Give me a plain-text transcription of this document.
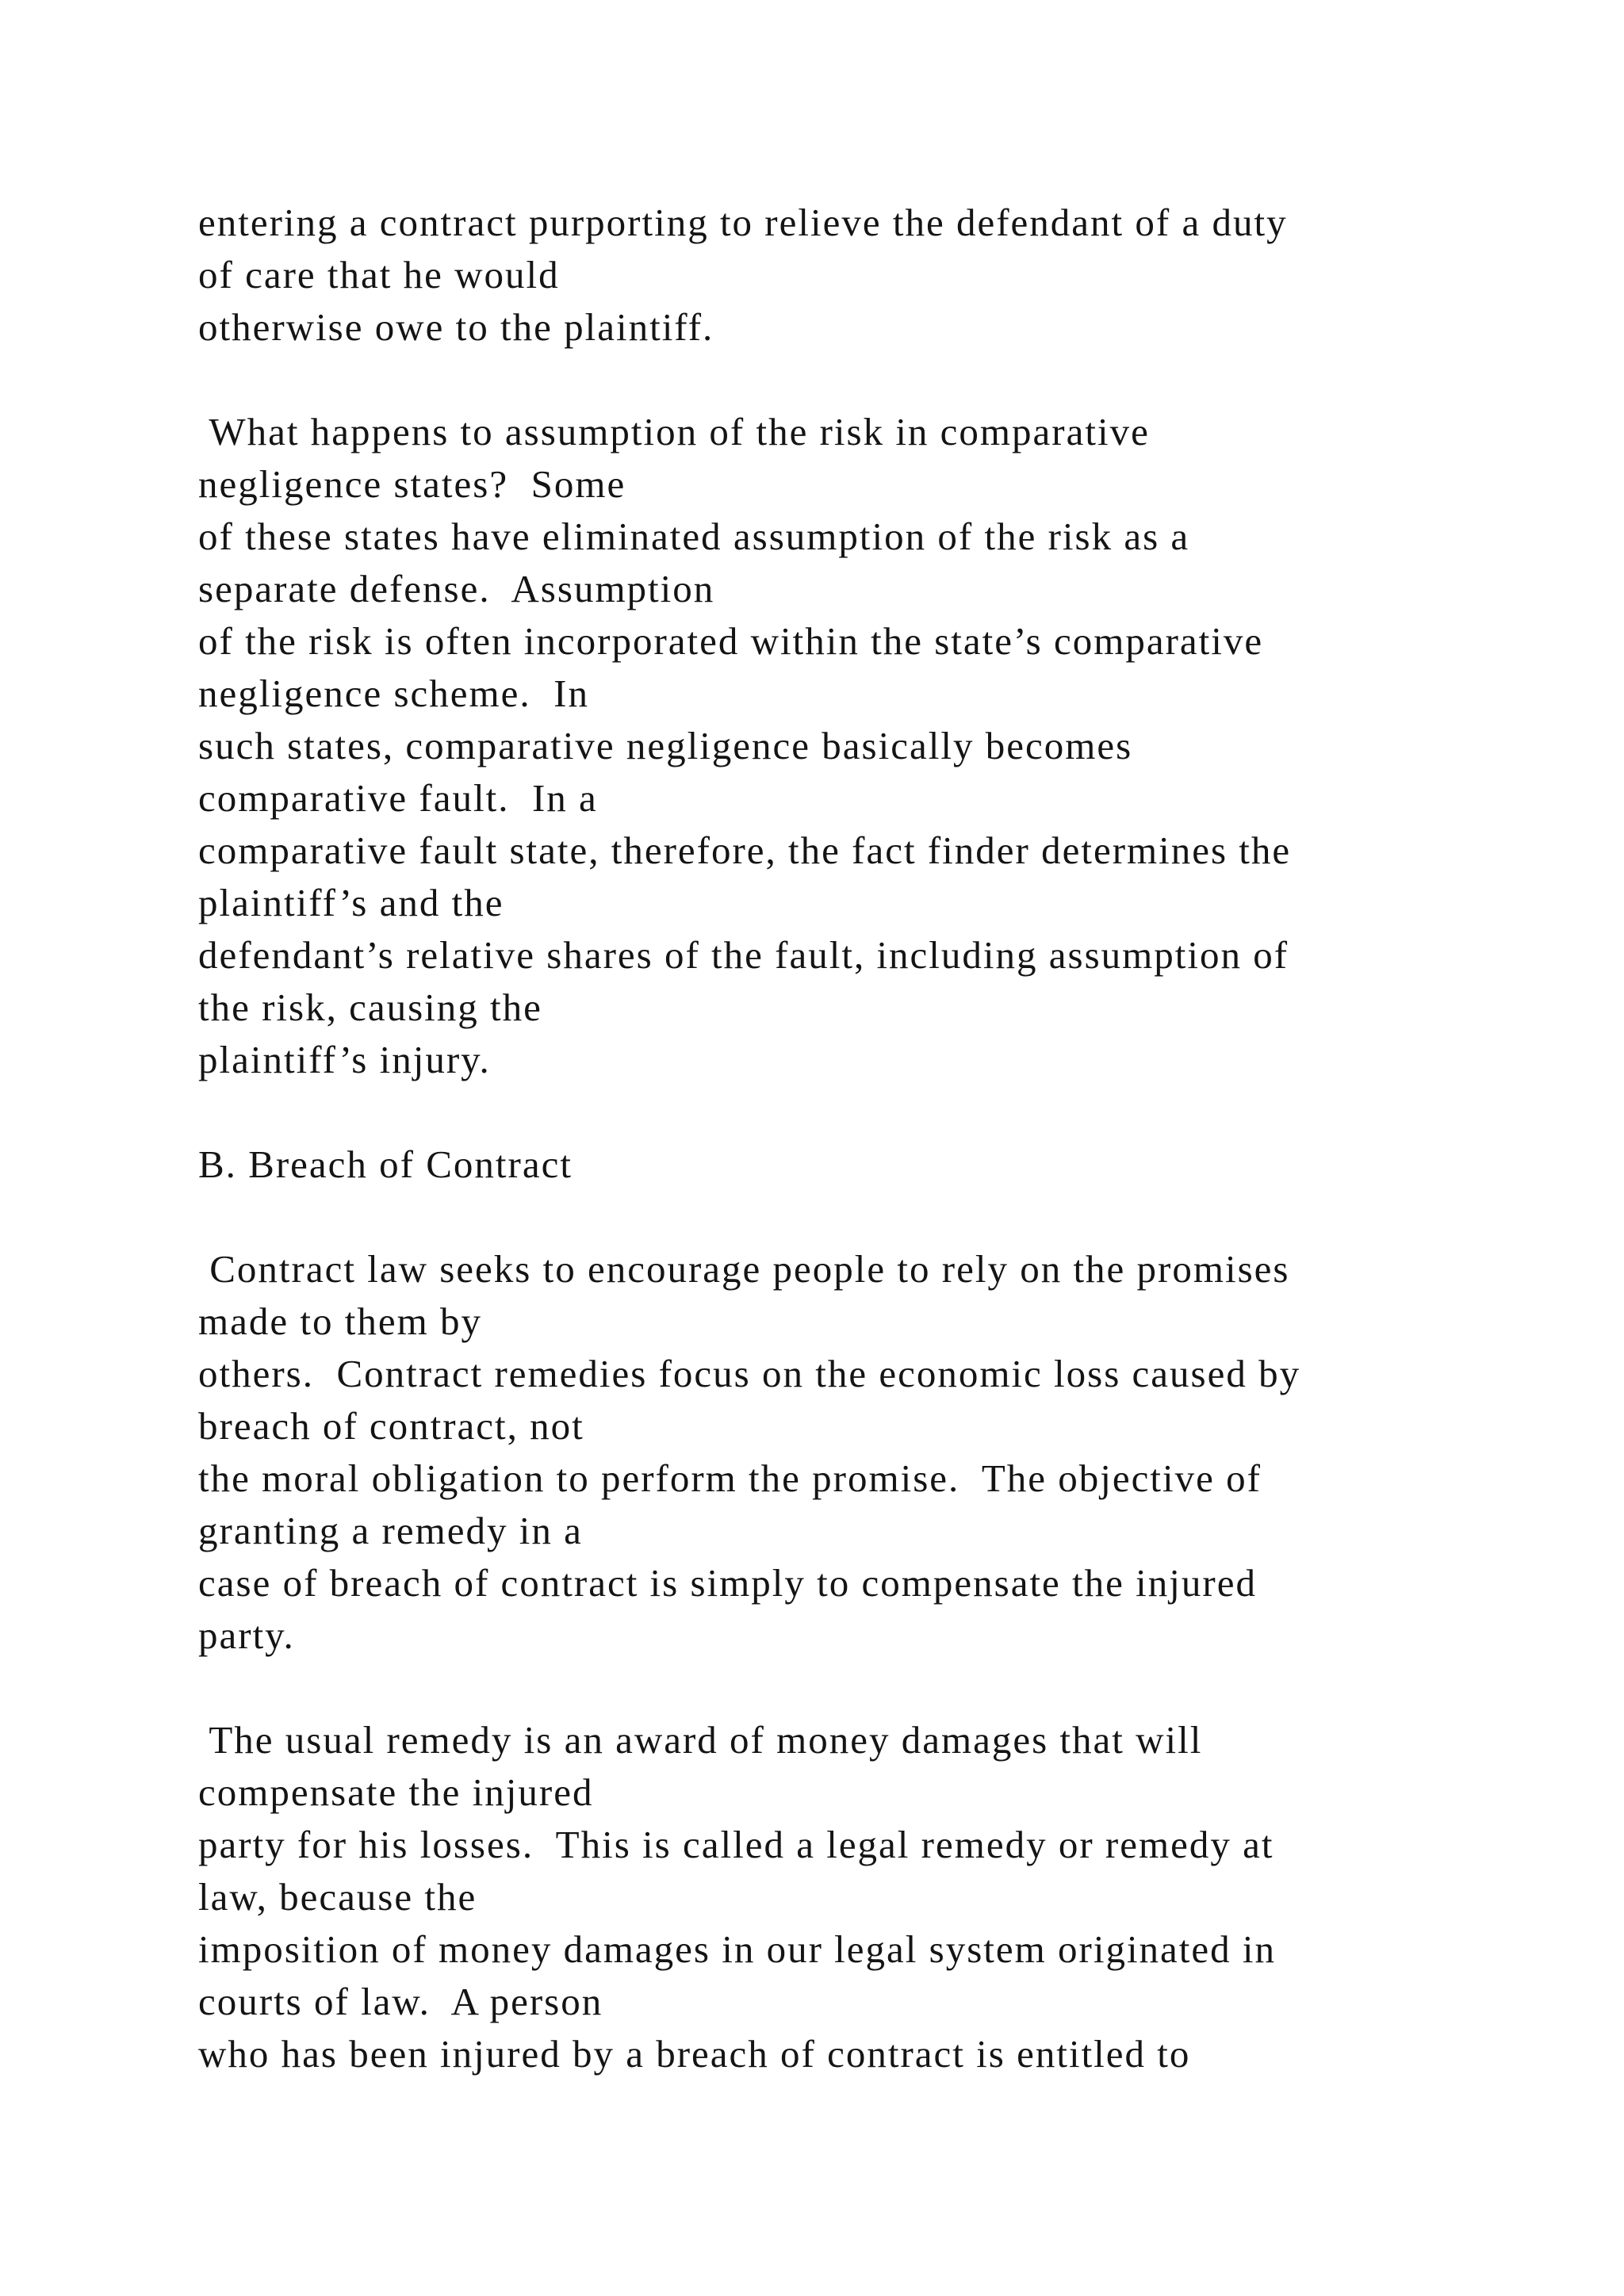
entering a contract purporting to relieve the defendant of a duty
of care that he would
otherwise owe to the plaintiff.
What happens to assumption of the risk in comparative
negligence states?  Some
of these states have eliminated assumption of the risk as a
separate defense.  Assumption
of the risk is often incorporated within the state’s comparative
negligence scheme.  In
such states, comparative negligence basically becomes
comparative fault.  In a
comparative fault state, therefore, the fact finder determines the
plaintiff’s and the
defendant’s relative shares of the fault, including assumption of
the risk, causing the
plaintiff’s injury.
B. Breach of Contract
Contract law seeks to encourage people to rely on the promises
made to them by
others.  Contract remedies focus on the economic loss caused by
breach of contract, not
the moral obligation to perform the promise.  The objective of
granting a remedy in a
case of breach of contract is simply to compensate the injured
party.
The usual remedy is an award of money damages that will
compensate the injured
party for his losses.  This is called a legal remedy or remedy at
law, because the
imposition of money damages in our legal system originated in
courts of law.  A person
who has been injured by a breach of contract is entitled to
